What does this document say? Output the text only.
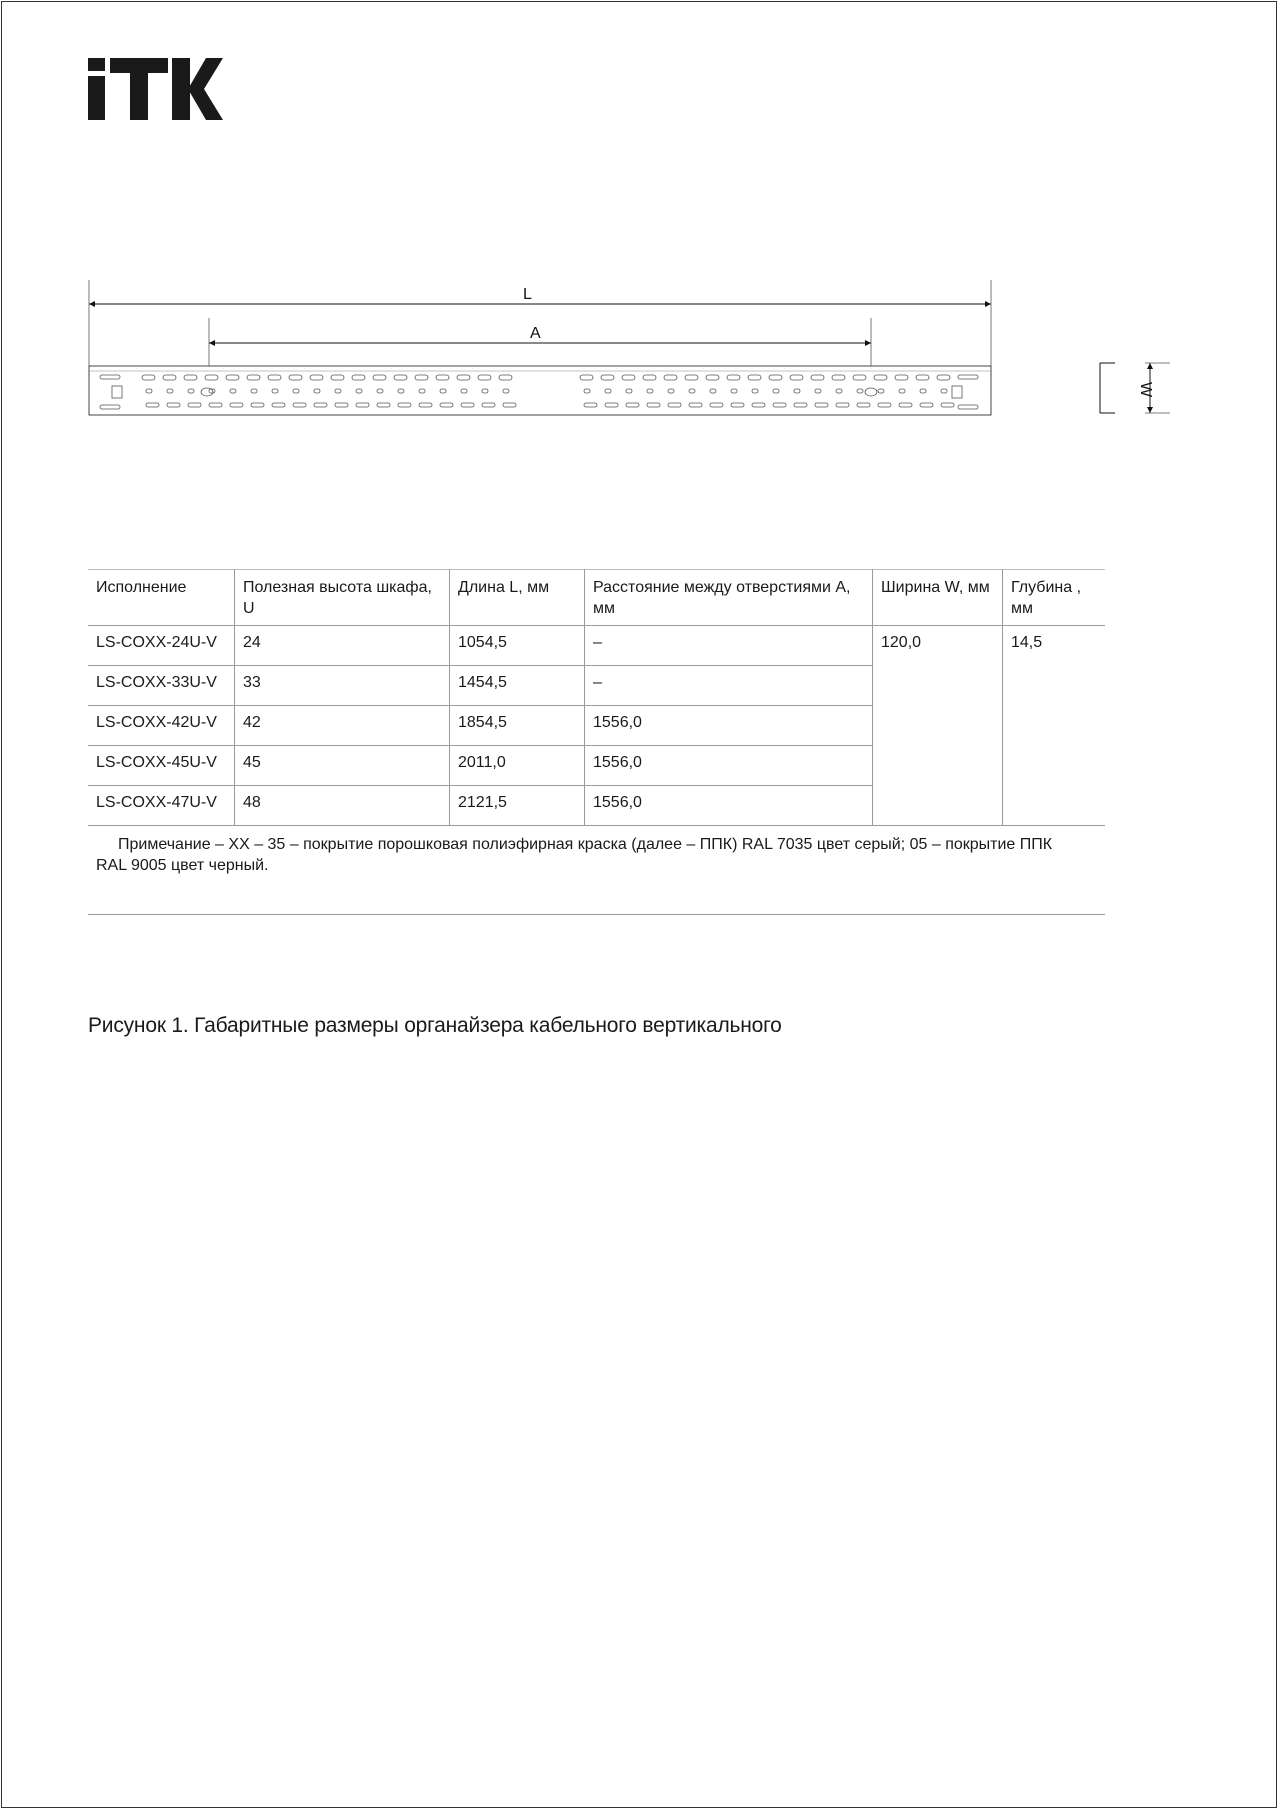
L
A
W
Исполнение	Полезная высота шкафа, U	Длина L, мм	Расстояние между отверстиями A, мм	Ширина W, мм	Глубина , мм
LS-COXX-24U-V	24	1054,5	–	120,0	14,5
LS-COXX-33U-V	33	1454,5	–		
LS-COXX-42U-V	42	1854,5	1556,0		
LS-COXX-45U-V	45	2011,0	1556,0		
LS-COXX-47U-V	48	2121,5	1556,0		
Примечание – XX – 35 – покрытие порошковая полиэфирная краска (далее – ППК) RAL 7035 цвет серый; 05 – покрытие ППК RAL 9005 цвет черный.					
Рисунок 1. Габаритные размеры органайзера кабельного вертикального
